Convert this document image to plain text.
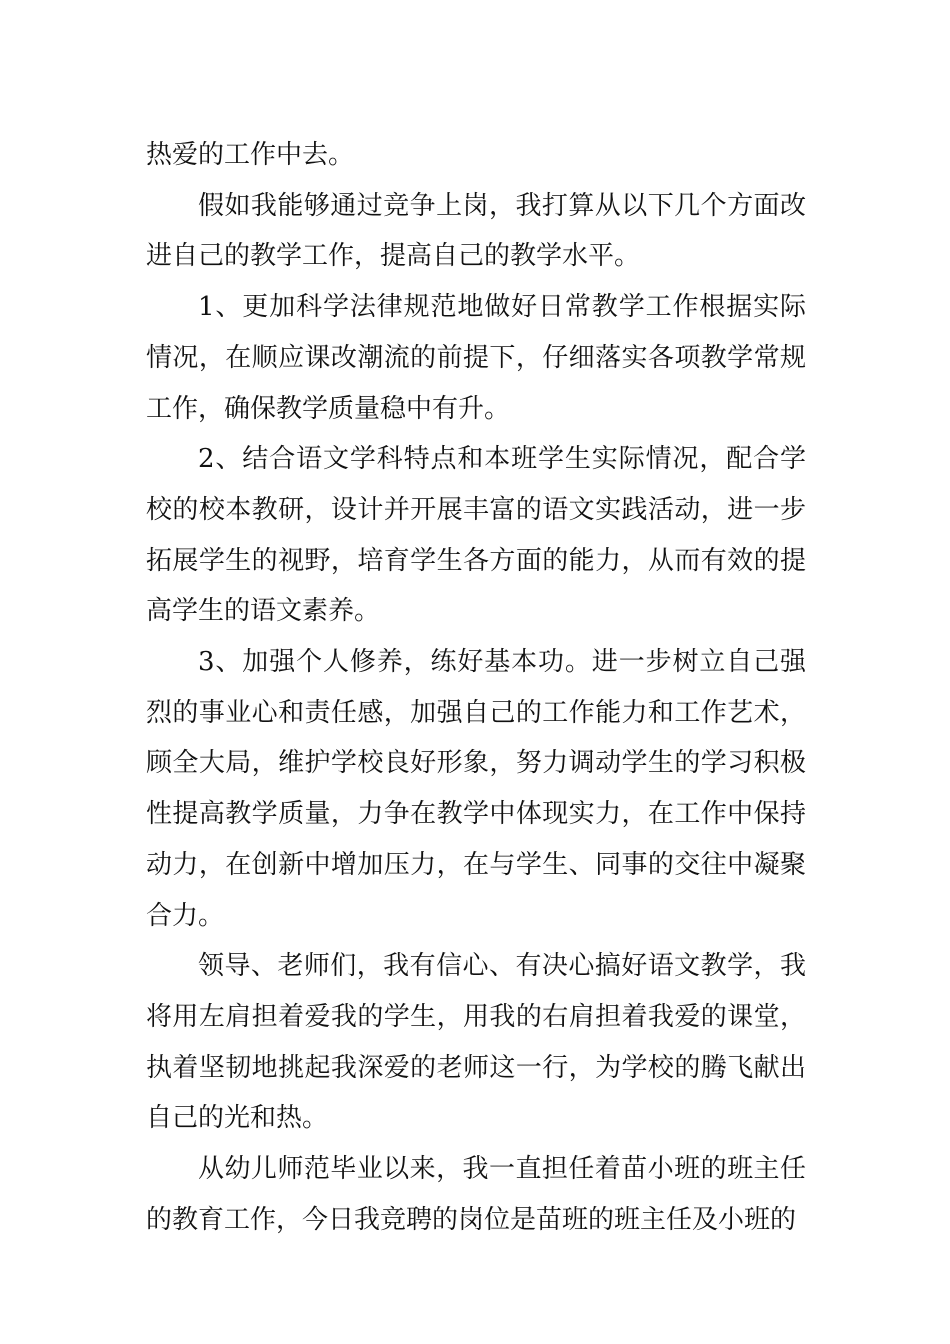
热爱的工作中去。

假如我能够通过竞争上岗，我打算从以下几个方面改进自己的教学工作，提高自己的教学水平。

1、更加科学法律规范地做好日常教学工作根据实际情况，在顺应课改潮流的前提下，仔细落实各项教学常规工作，确保教学质量稳中有升。

2、结合语文学科特点和本班学生实际情况，配合学校的校本教研，设计并开展丰富的语文实践活动，进一步拓展学生的视野，培育学生各方面的能力，从而有效的提高学生的语文素养。

3、加强个人修养，练好基本功。进一步树立自己强烈的事业心和责任感，加强自己的工作能力和工作艺术，顾全大局，维护学校良好形象，努力调动学生的学习积极性提高教学质量，力争在教学中体现实力，在工作中保持动力，在创新中增加压力，在与学生、同事的交往中凝聚合力。

领导、老师们，我有信心、有决心搞好语文教学，我将用左肩担着爱我的学生，用我的右肩担着我爱的课堂，执着坚韧地挑起我深爱的老师这一行，为学校的腾飞献出自己的光和热。

从幼儿师范毕业以来，我一直担任着苗小班的班主任的教育工作，今日我竞聘的岗位是苗班的班主任及小班的
